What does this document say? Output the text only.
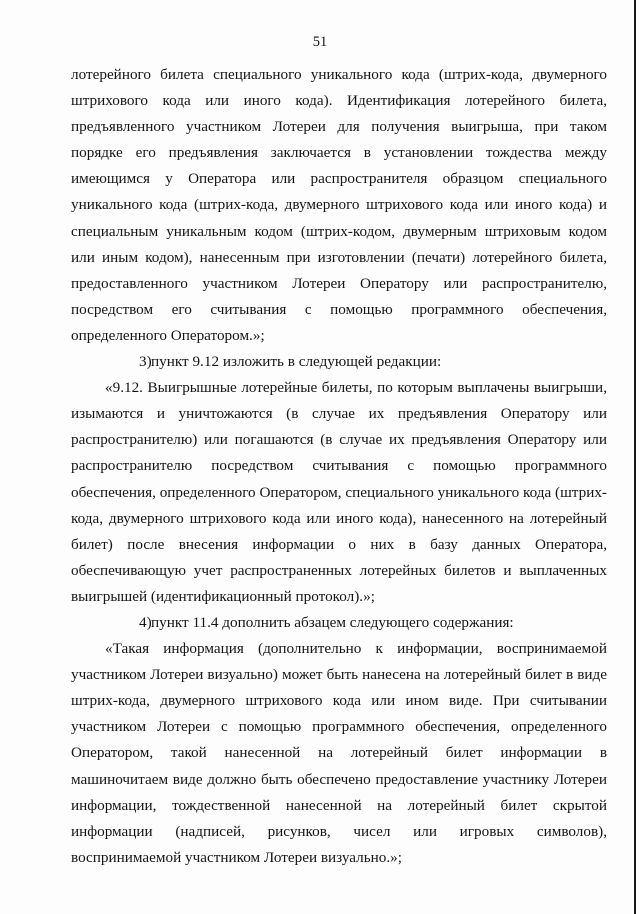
51

лотерейного билета специального уникального кода (штрих-кода, двумерного штрихового кода или иного кода). Идентификация лотерейного билета, предъявленного участником Лотереи для получения выигрыша, при таком порядке его предъявления заключается в установлении тождества между имеющимся у Оператора или распространителя образцом специального уникального кода (штрих-кода, двумерного штрихового кода или иного кода) и специальным уникальным кодом (штрих-кодом, двумерным штриховым кодом или иным кодом), нанесенным при изготовлении (печати) лотерейного билета, предоставленного участником Лотереи Оператору или распространителю, посредством его считывания с помощью программного обеспечения, определенного Оператором.»;

3)пункт 9.12 изложить в следующей редакции:

«9.12. Выигрышные лотерейные билеты, по которым выплачены выигрыши, изымаются и уничтожаются (в случае их предъявления Оператору или распространителю) или погашаются (в случае их предъявления Оператору или распространителю посредством считывания с помощью программного обеспечения, определенного Оператором, специального уникального кода (штрих-кода, двумерного штрихового кода или иного кода), нанесенного на лотерейный билет) после внесения информации о них в базу данных Оператора, обеспечивающую учет распространенных лотерейных билетов и выплаченных выигрышей (идентификационный протокол).»;

4)пункт 11.4 дополнить абзацем следующего содержания:

«Такая информация (дополнительно к информации, воспринимаемой участником Лотереи визуально) может быть нанесена на лотерейный билет в виде штрих-кода, двумерного штрихового кода или ином виде. При считывании участником Лотереи с помощью программного обеспечения, определенного Оператором, такой нанесенной на лотерейный билет информации в машиночитаем виде должно быть обеспечено предоставление участнику Лотереи информации, тождественной нанесенной на лотерейный билет скрытой информации (надписей, рисунков, чисел или игровых символов), воспринимаемой участником Лотереи визуально.»;
